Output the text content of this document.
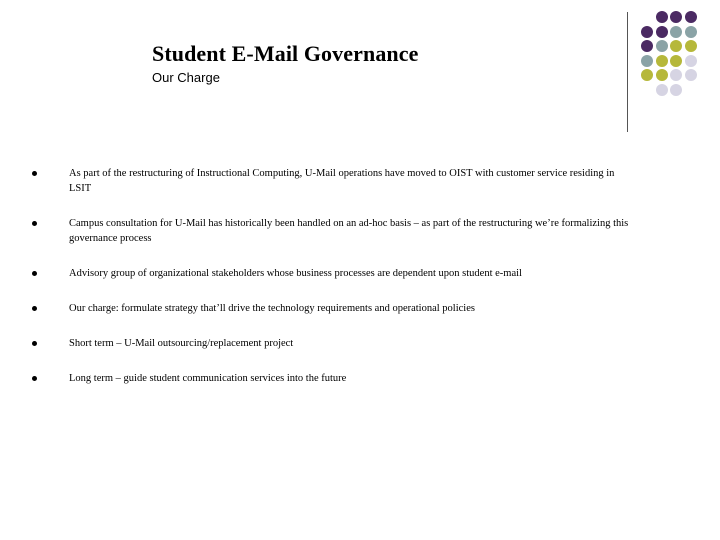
Student E-Mail Governance
Our Charge
As part of the restructuring of Instructional Computing, U-Mail operations have moved to OIST with customer service residing in LSIT
Campus consultation for U-Mail has historically been handled on an ad-hoc basis – as part of the restructuring we’re formalizing this governance process
Advisory group of organizational stakeholders whose business processes are dependent upon student e-mail
Our charge: formulate strategy that’ll drive the technology requirements and operational policies
Short term – U-Mail outsourcing/replacement project
Long term – guide student communication services into the future
